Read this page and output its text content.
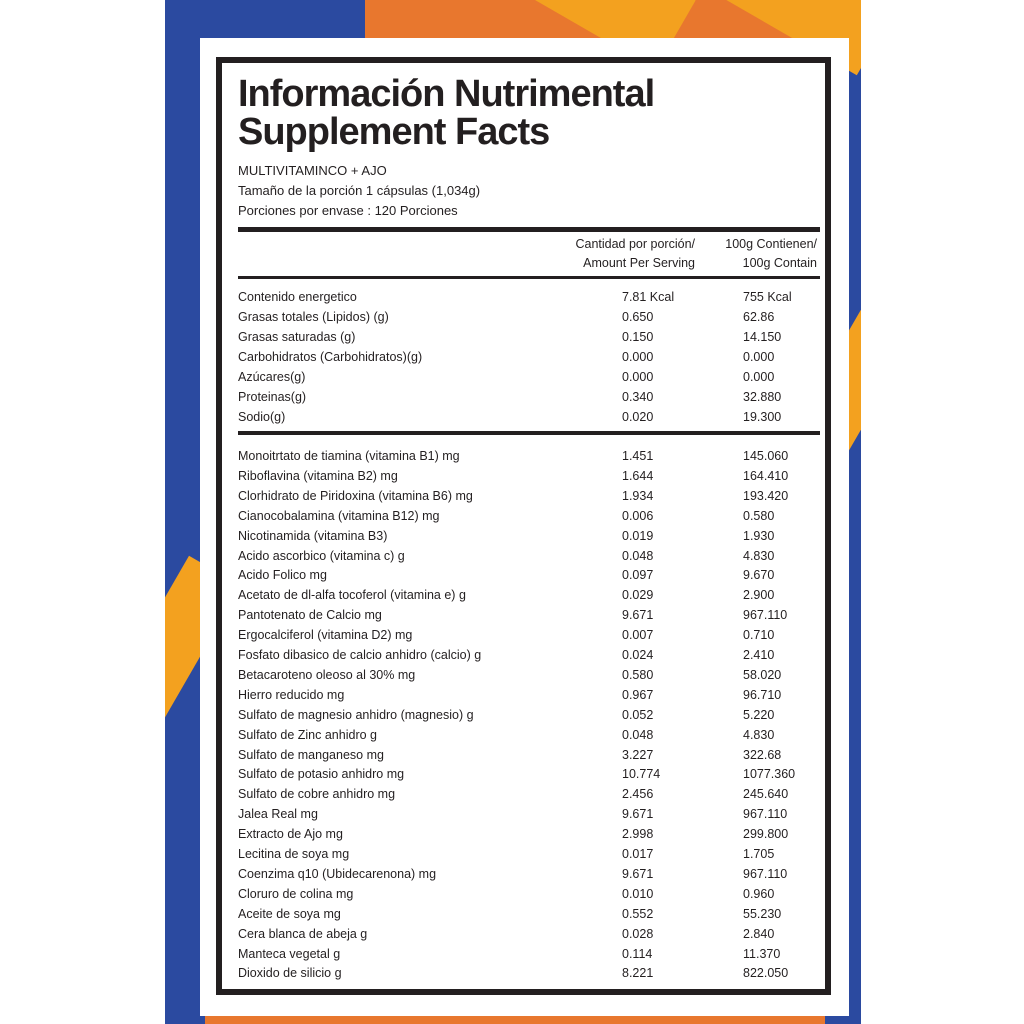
Información Nutrimental
Supplement Facts
MULTIVITAMINCO + AJO
Tamaño de la porción 1 cápsulas (1,034g)
Porciones por envase : 120 Porciones
Cantidad por porción/
Amount Per Serving
100g Contienen/
100g Contain
Contenido energetico	7.81 Kcal	755 Kcal
Grasas totales (Lipidos) (g)	0.650	62.86
Grasas saturadas (g)	0.150	14.150
Carbohidratos (Carbohidratos)(g)	0.000	0.000
Azúcares(g)	0.000	0.000
Proteinas(g)	0.340	32.880
Sodio(g)	0.020	19.300
Monoitrtato de tiamina (vitamina B1) mg	1.451	145.060
Riboflavina (vitamina B2) mg	1.644	164.410
Clorhidrato de Piridoxina (vitamina B6) mg	1.934	193.420
Cianocobalamina (vitamina B12) mg	0.006	0.580
Nicotinamida (vitamina B3)	0.019	1.930
Acido ascorbico (vitamina c) g	0.048	4.830
Acido Folico mg	0.097	9.670
Acetato de dl-alfa tocoferol (vitamina e) g	0.029	2.900
Pantotenato de Calcio mg	9.671	967.110
Ergocalciferol (vitamina D2) mg	0.007	0.710
Fosfato dibasico de calcio anhidro (calcio) g	0.024	2.410
Betacaroteno oleoso al 30% mg	0.580	58.020
Hierro reducido mg	0.967	96.710
Sulfato de magnesio anhidro (magnesio) g	0.052	5.220
Sulfato de Zinc anhidro g	0.048	4.830
Sulfato de manganeso mg	3.227	322.68
Sulfato de potasio anhidro mg	10.774	1077.360
Sulfato de cobre anhidro mg	2.456	245.640
Jalea Real mg	9.671	967.110
Extracto de Ajo mg	2.998	299.800
Lecitina de soya mg	0.017	1.705
Coenzima q10 (Ubidecarenona) mg	9.671	967.110
Cloruro de colina mg	0.010	0.960
Aceite de soya mg	0.552	55.230
Cera blanca de abeja g	0.028	2.840
Manteca vegetal g	0.114	11.370
Dioxido de silicio g	8.221	822.050
